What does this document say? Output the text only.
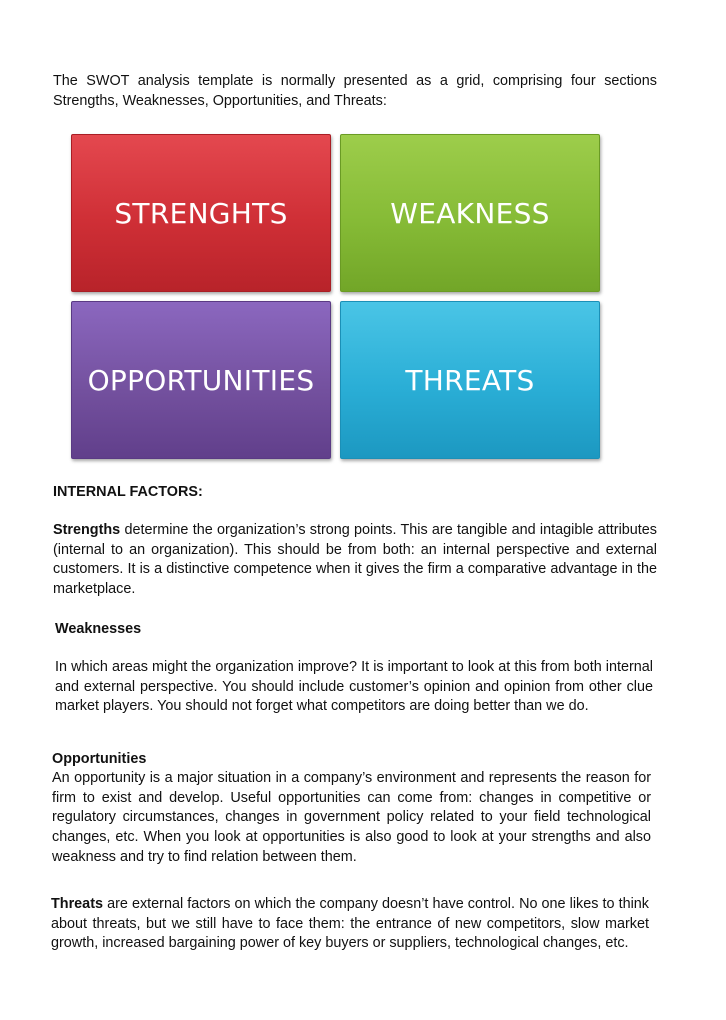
The SWOT analysis template is normally presented as a grid, comprising four sections Strengths, Weaknesses, Opportunities, and Threats:

STRENGHTS	WEAKNESS
OPPORTUNITIES	THREATS

INTERNAL FACTORS:

Strengths determine the organization’s strong points. This are tangible and intagible attributes (internal to an organization). This should be from both: an internal perspective and external customers. It is a distinctive competence when it gives the firm a comparative advantage in the marketplace.

Weaknesses

In which areas might the organization improve? It is important to look at this from both internal and external perspective. You should include customer’s opinion and opinion from other clue market players. You should not forget what competitors are doing better than we do.

Opportunities

An opportunity is a major situation in a company’s environment and represents the reason for firm to exist and develop. Useful opportunities can come from: changes in competitive or regulatory circumstances, changes in government policy related to your field technological changes, etc. When you look at opportunities is also good to look at your strengths and also weakness and try to find relation between them.

Threats are external factors on which the company doesn’t have control. No one likes to think about threats, but we still have to face them: the entrance of new competitors, slow market growth, increased bargaining power of key buyers or suppliers, technological changes, etc.
